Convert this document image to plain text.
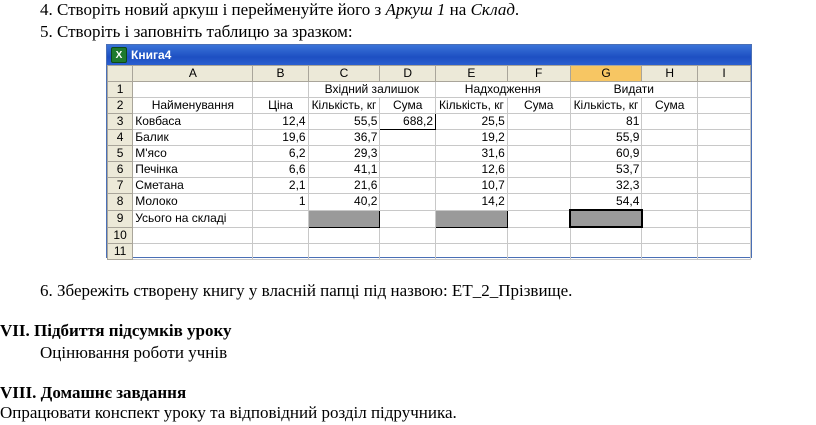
4. Створіть новий аркуш і перейменуйте його з Аркуш 1 на Склад.
5. Створіть і заповніть таблицю за зразком:
X Книга4
	A	B	C	D	E	F	G	H	I
1			Вхідний залишок		Надходження		Видати		
2	Найменування	Ціна	Кількість, кг	Сума	Кількість, кг	Сума	Кількість, кг	Сума	
3	Ковбаса	12,4	55,5	688,2	25,5		81		
4	Балик	19,6	36,7		19,2		55,9		
5	М'ясо	6,2	29,3		31,6		60,9		
6	Печінка	6,6	41,1		12,6		53,7		
7	Сметана	2,1	21,6		10,7		32,3		
8	Молоко	1	40,2		14,2		54,4		
9	Усього на складі								
10									
11									
6. Збережіть створену книгу у власній папці під назвою: ЕТ_2_Прізвище.
VII. Підбиття підсумків уроку
Оцінювання роботи учнів
VIII. Домашнє завдання
Опрацювати конспект уроку та відповідний розділ підручника.
